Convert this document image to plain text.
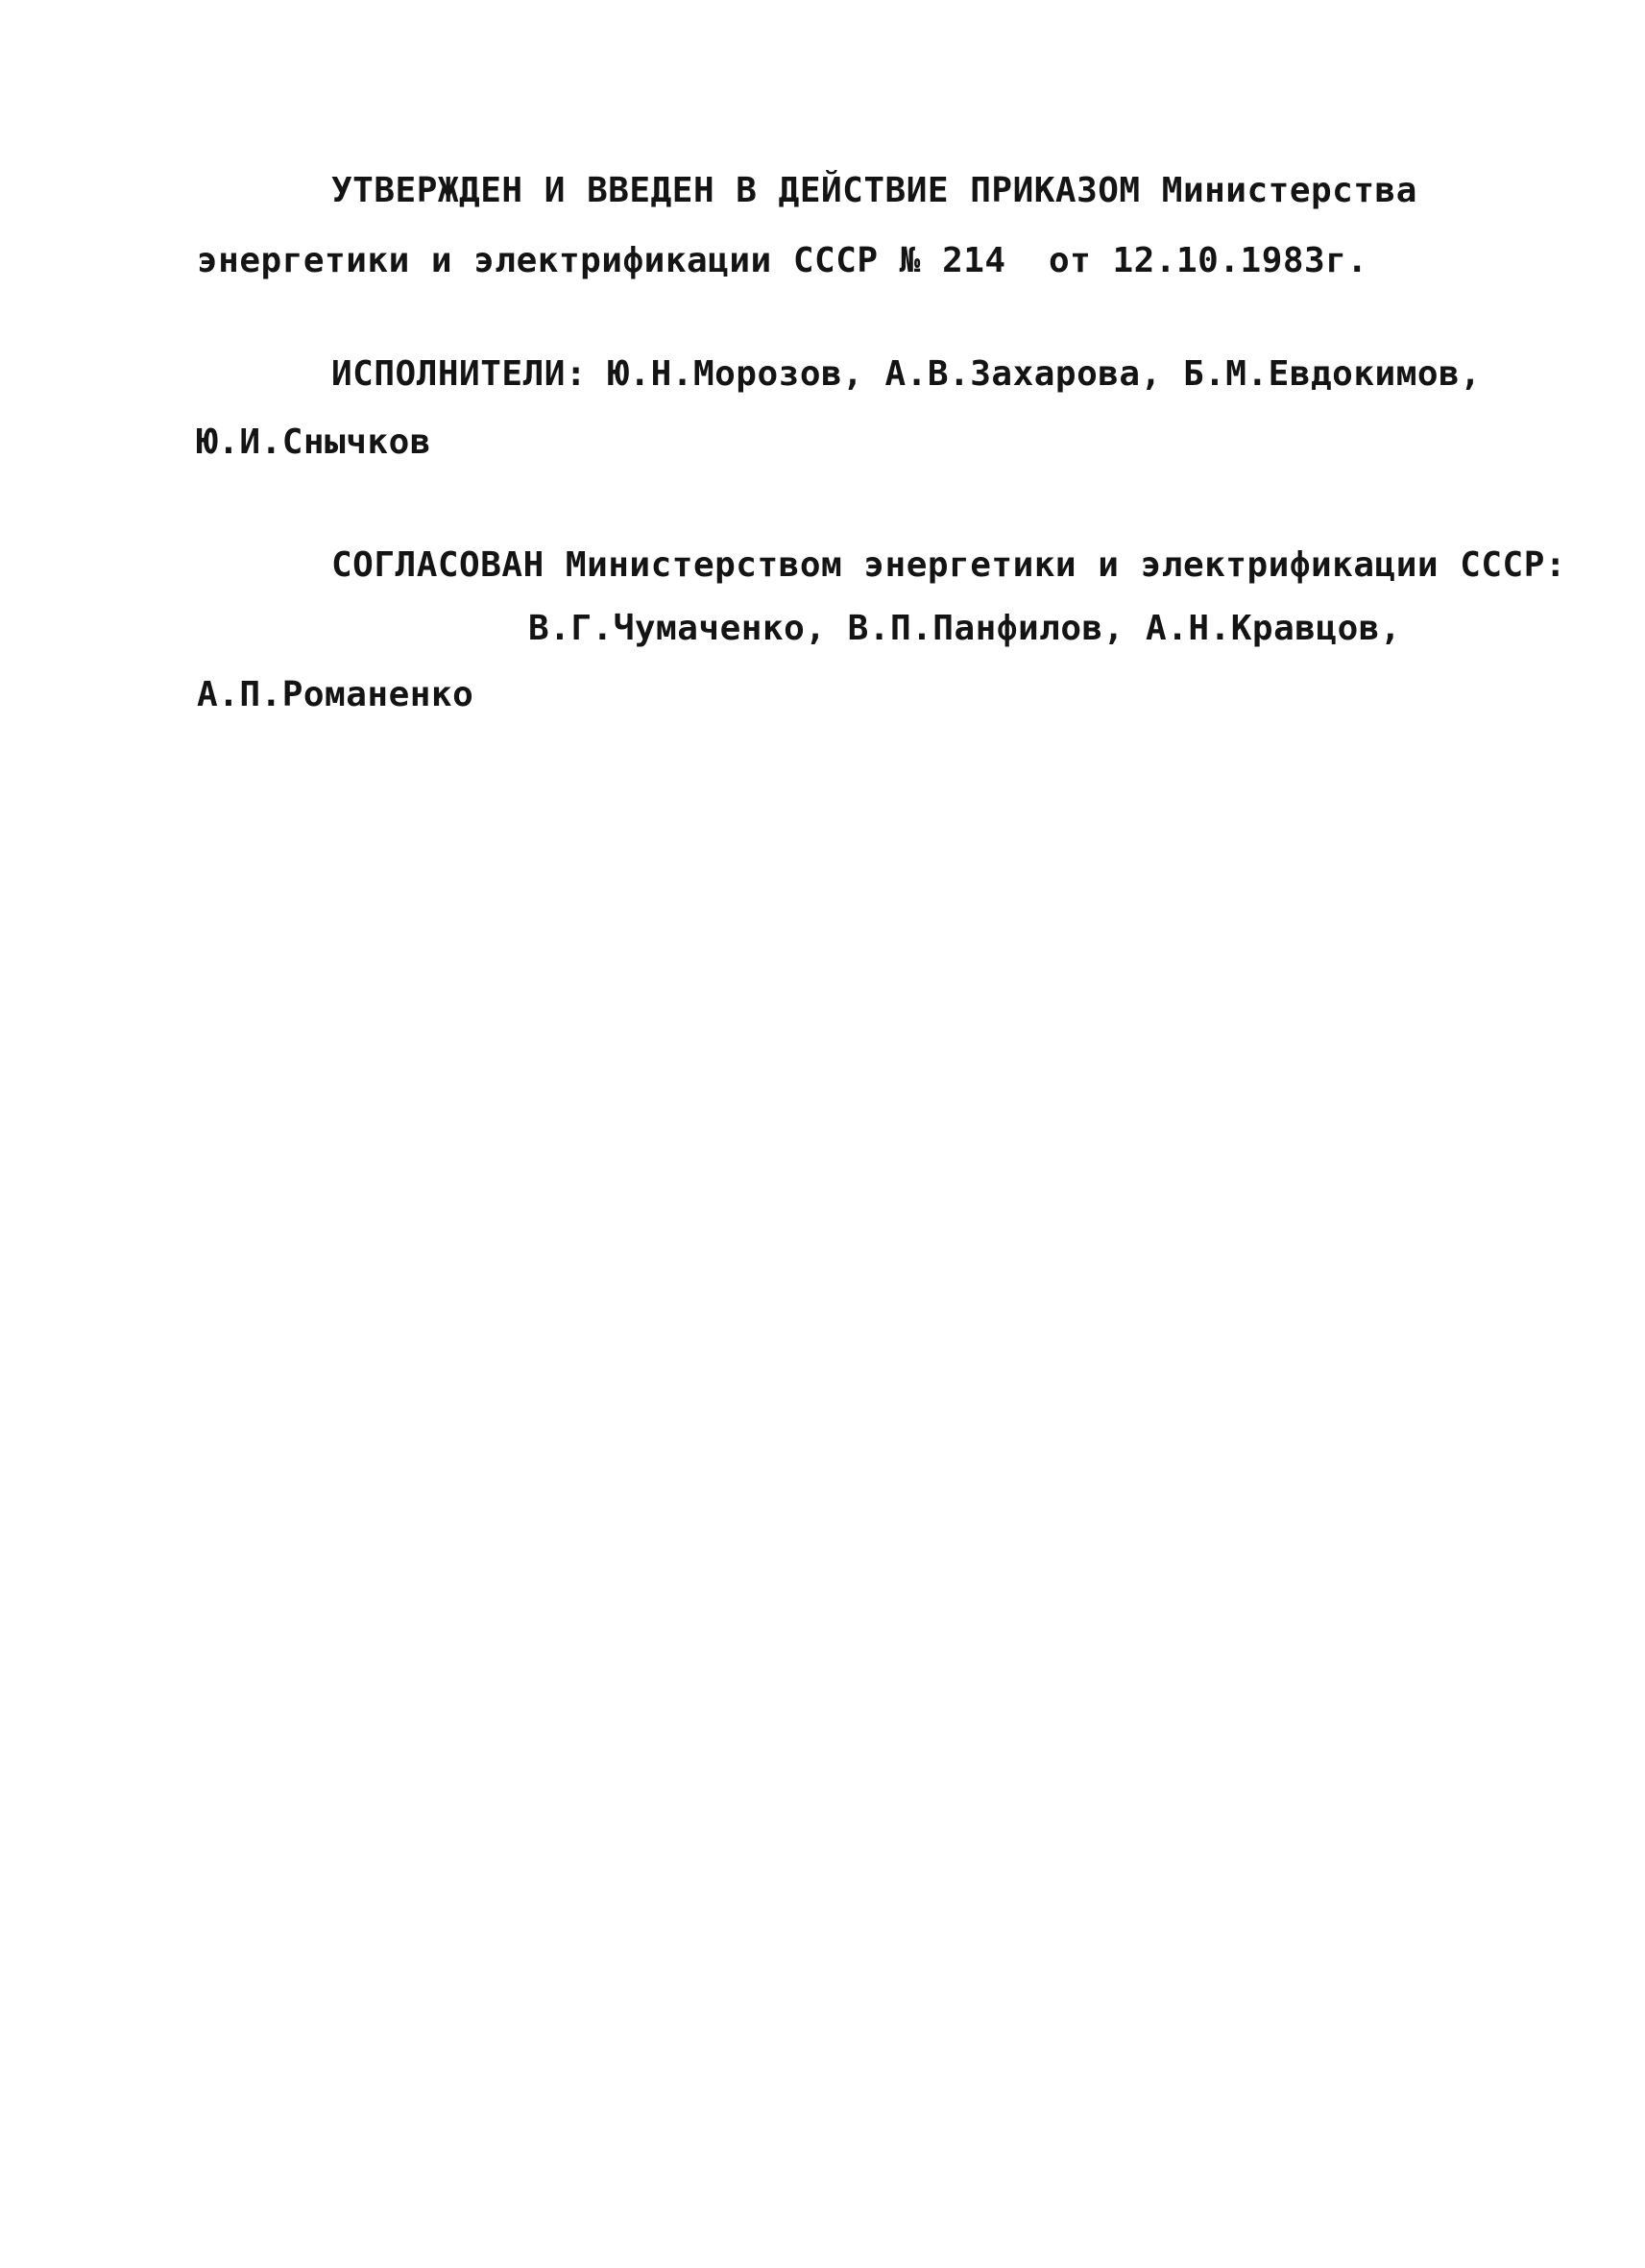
УТВЕРЖДЕН И ВВЕДЕН В ДЕЙСТВИЕ ПРИКАЗОМ Министерства
энергетики и электрификации СССР № 214  от 12.10.1983г.
ИСПОЛНИТЕЛИ: Ю.Н.Морозов, А.В.Захарова, Б.М.Евдокимов,
Ю.И.Снычков
СОГЛАСОВАН Министерством энергетики и электрификации СССР:
В.Г.Чумаченко, В.П.Панфилов, А.Н.Кравцов,
А.П.Романенко
